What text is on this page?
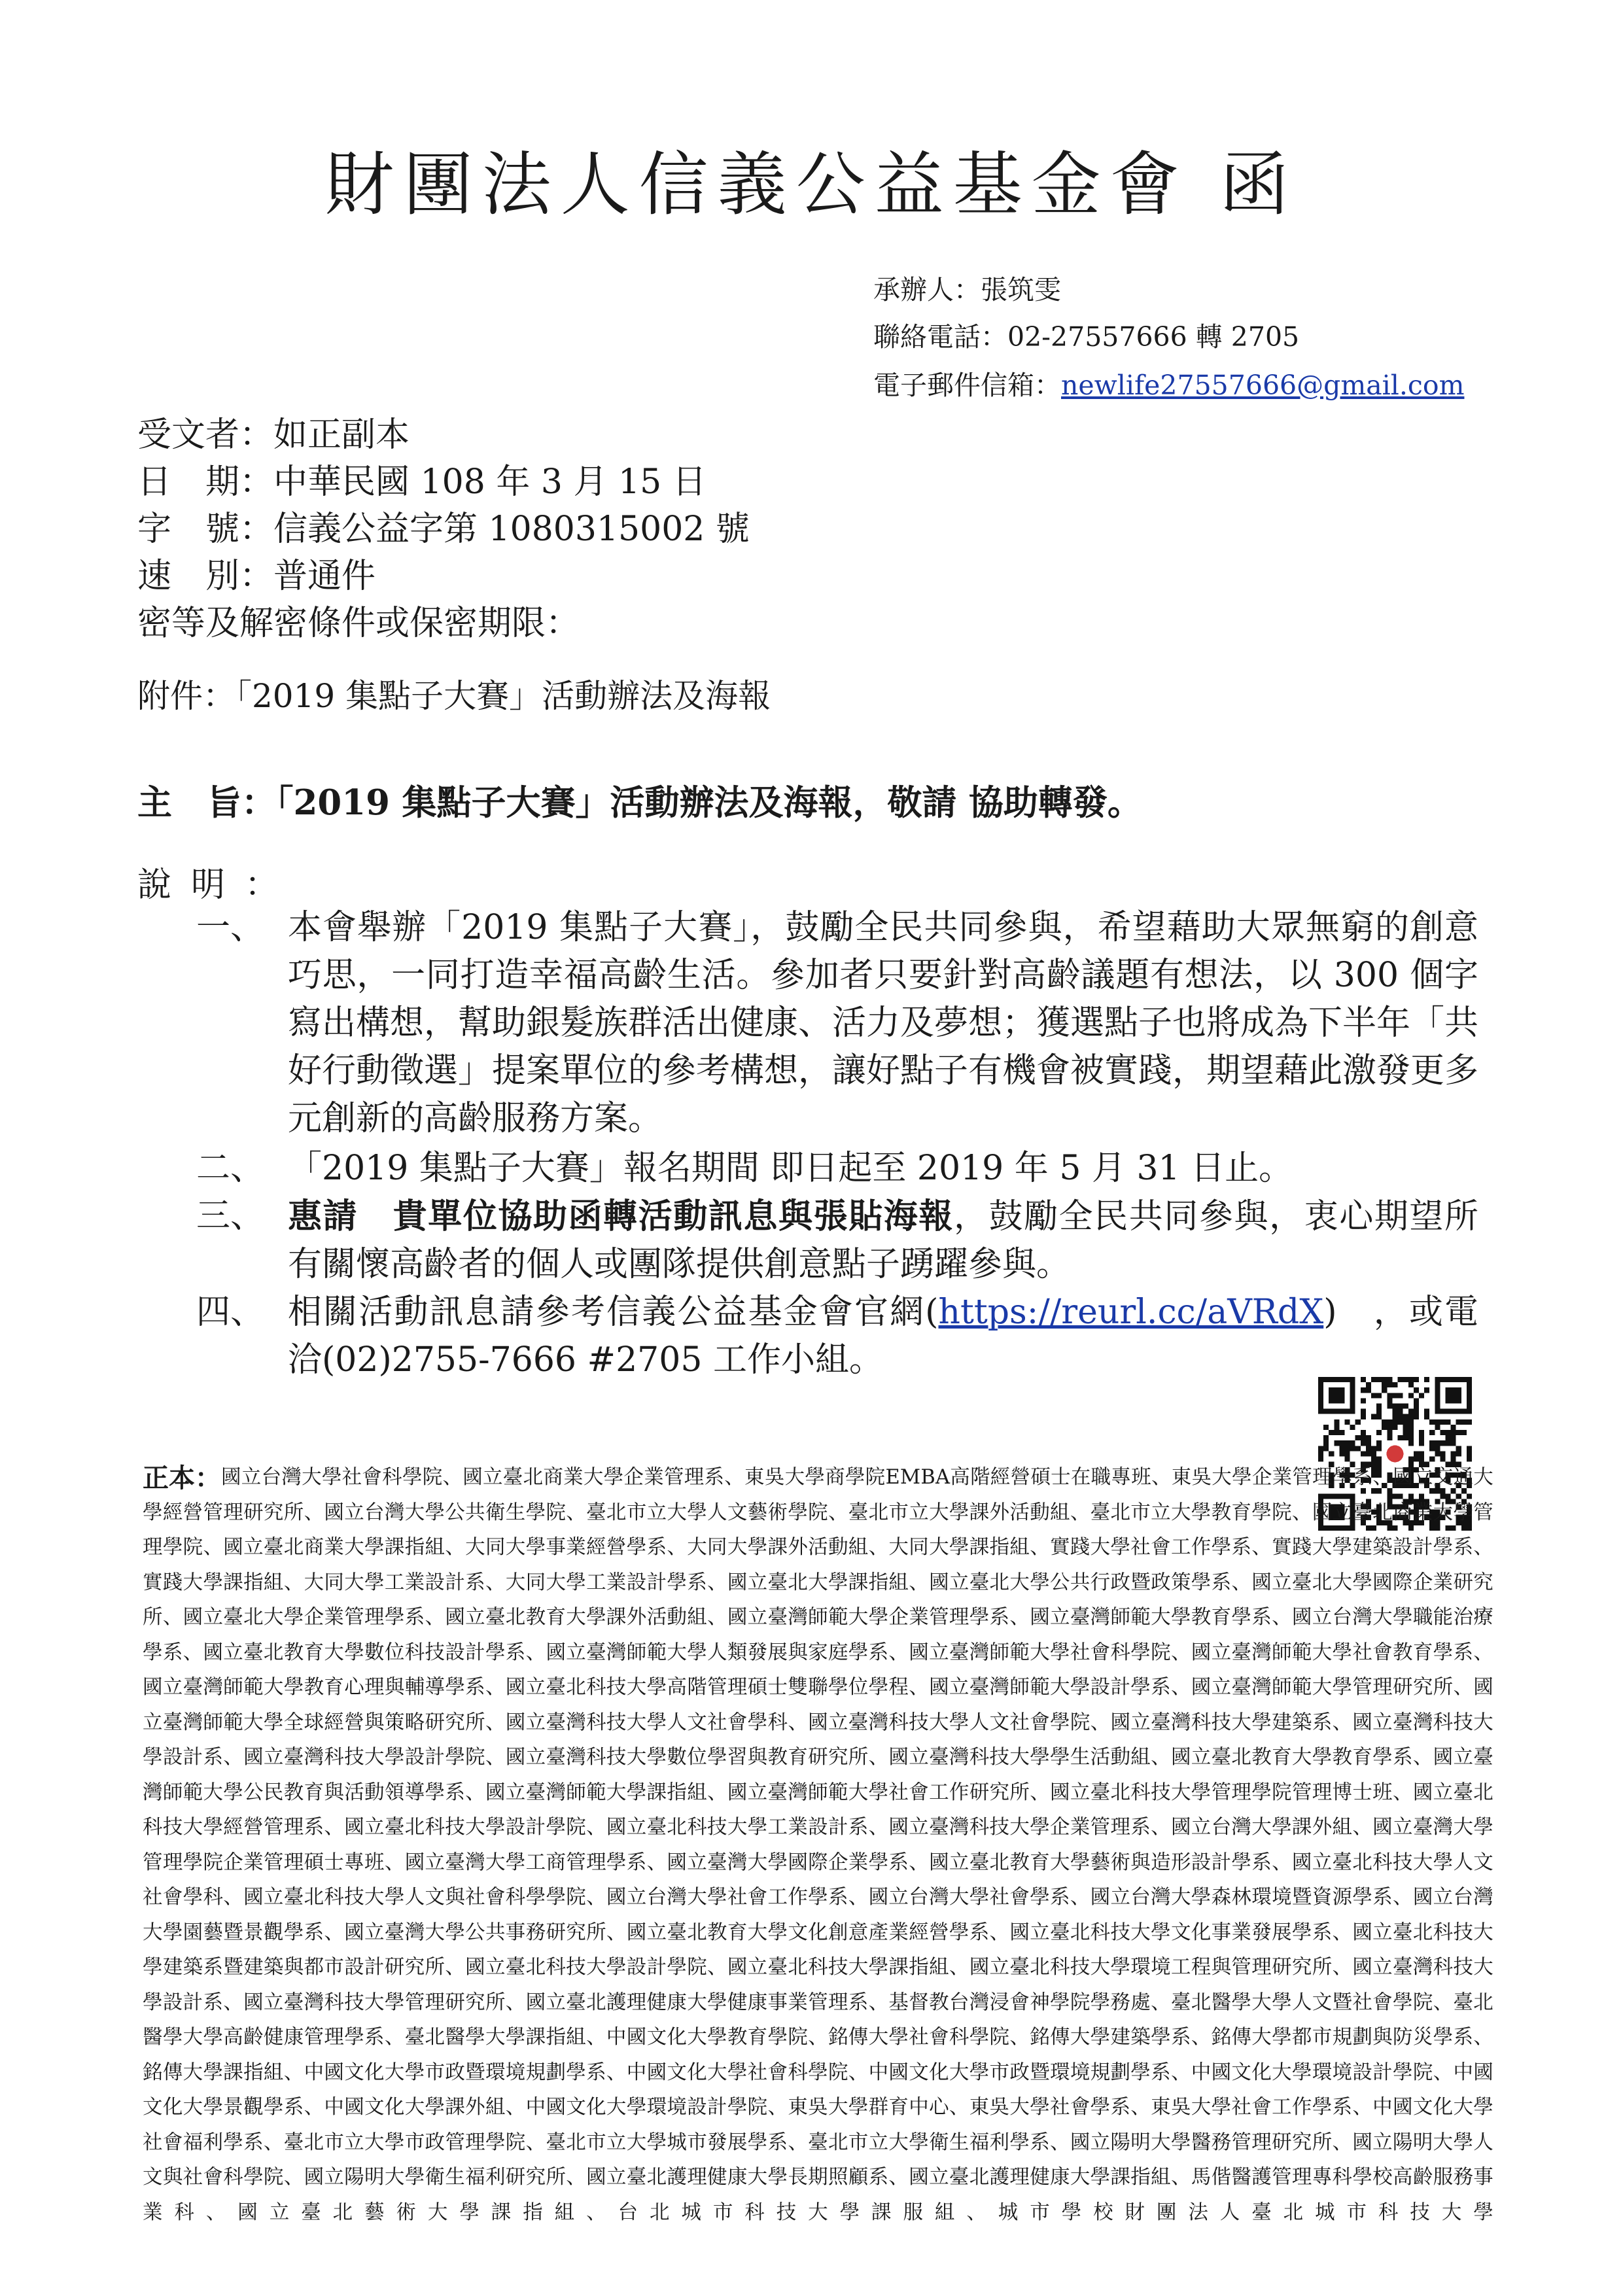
財團法人信義公益基金會 函
承辦人：張筑雯
聯絡電話：02-27557666 轉 2705
電子郵件信箱：newlife27557666@gmail.com
受文者：如正副本
日　期：中華民國 108 年 3 月 15 日
字　號：信義公益字第 1080315002 號
速　別：普通件
密等及解密條件或保密期限：
附件：「2019 集點子大賽」活動辦法及海報
主　旨：「2019 集點子大賽」活動辦法及海報，敬請 協助轉發。
說明：
一、 本會舉辦「2019 集點子大賽」，鼓勵全民共同參與，希望藉助大眾無窮的創意巧思，一同打造幸福高齡生活。參加者只要針對高齡議題有想法，以 300 個字寫出構想，幫助銀髮族群活出健康、活力及夢想；獲選點子也將成為下半年「共好行動徵選」提案單位的參考構想，讓好點子有機會被實踐，期望藉此激發更多元創新的高齡服務方案。
二、 「2019 集點子大賽」報名期間 即日起至 2019 年 5 月 31 日止。
三、 惠請　貴單位協助函轉活動訊息與張貼海報，鼓勵全民共同參與，衷心期望所有關懷高齡者的個人或團隊提供創意點子踴躍參與。
四、 相關活動訊息請參考信義公益基金會官網(https://reurl.cc/aVRdX)　，或電洽(02)2755-7666 #2705 工作小組。
正本： 國立台灣大學社會科學院、國立臺北商業大學企業管理系、東吳大學商學院EMBA高階經營碩士在職專班、東吳大學企業管理學系、國立交通大學經營管理研究所、國立台灣大學公共衛生學院、臺北市立大學人文藝術學院、臺北市立大學課外活動組、臺北市立大學教育學院、國立臺北商業大學管理學院、國立臺北商業大學課指組、大同大學事業經營學系、大同大學課外活動組、大同大學課指組、實踐大學社會工作學系、實踐大學建築設計學系、實踐大學課指組、大同大學工業設計系、大同大學工業設計學系、國立臺北大學課指組、國立臺北大學公共行政暨政策學系、國立臺北大學國際企業研究所、國立臺北大學企業管理學系、國立臺北教育大學課外活動組、國立臺灣師範大學企業管理學系、國立臺灣師範大學教育學系、國立台灣大學職能治療學系、國立臺北教育大學數位科技設計學系、國立臺灣師範大學人類發展與家庭學系、國立臺灣師範大學社會科學院、國立臺灣師範大學社會教育學系、國立臺灣師範大學教育心理與輔導學系、國立臺北科技大學高階管理碩士雙聯學位學程、國立臺灣師範大學設計學系、國立臺灣師範大學管理研究所、國立臺灣師範大學全球經營與策略研究所、國立臺灣科技大學人文社會學科、國立臺灣科技大學人文社會學院、國立臺灣科技大學建築系、國立臺灣科技大學設計系、國立臺灣科技大學設計學院、國立臺灣科技大學數位學習與教育研究所、國立臺灣科技大學學生活動組、國立臺北教育大學教育學系、國立臺灣師範大學公民教育與活動領導學系、國立臺灣師範大學課指組、國立臺灣師範大學社會工作研究所、國立臺北科技大學管理學院管理博士班、國立臺北科技大學經營管理系、國立臺北科技大學設計學院、國立臺北科技大學工業設計系、國立臺灣科技大學企業管理系、國立台灣大學課外組、國立臺灣大學管理學院企業管理碩士專班、國立臺灣大學工商管理學系、國立臺灣大學國際企業學系、國立臺北教育大學藝術與造形設計學系、國立臺北科技大學人文社會學科、國立臺北科技大學人文與社會科學學院、國立台灣大學社會工作學系、國立台灣大學社會學系、國立台灣大學森林環境暨資源學系、國立台灣大學園藝暨景觀學系、國立臺灣大學公共事務研究所、國立臺北教育大學文化創意產業經營學系、國立臺北科技大學文化事業發展學系、國立臺北科技大學建築系暨建築與都市設計研究所、國立臺北科技大學設計學院、國立臺北科技大學課指組、國立臺北科技大學環境工程與管理研究所、國立臺灣科技大學設計系、國立臺灣科技大學管理研究所、國立臺北護理健康大學健康事業管理系、基督教台灣浸會神學院學務處、臺北醫學大學人文暨社會學院、臺北醫學大學高齡健康管理學系、臺北醫學大學課指組、中國文化大學教育學院、銘傳大學社會科學院、銘傳大學建築學系、銘傳大學都市規劃與防災學系、銘傳大學課指組、中國文化大學市政暨環境規劃學系、中國文化大學社會科學院、中國文化大學市政暨環境規劃學系、中國文化大學環境設計學院、中國文化大學景觀學系、中國文化大學課外組、中國文化大學環境設計學院、東吳大學群育中心、東吳大學社會學系、東吳大學社會工作學系、中國文化大學社會福利學系、臺北市立大學市政管理學院、臺北市立大學城市發展學系、臺北市立大學衛生福利學系、國立陽明大學醫務管理研究所、國立陽明大學人文與社會科學院、國立陽明大學衛生福利研究所、國立臺北護理健康大學長期照顧系、國立臺北護理健康大學課指組、馬偕醫護管理專科學校高齡服務事業科、國立臺北藝術大學課指組、台北城市科技大學課服組、城市學校財團法人臺北城市科技大學
